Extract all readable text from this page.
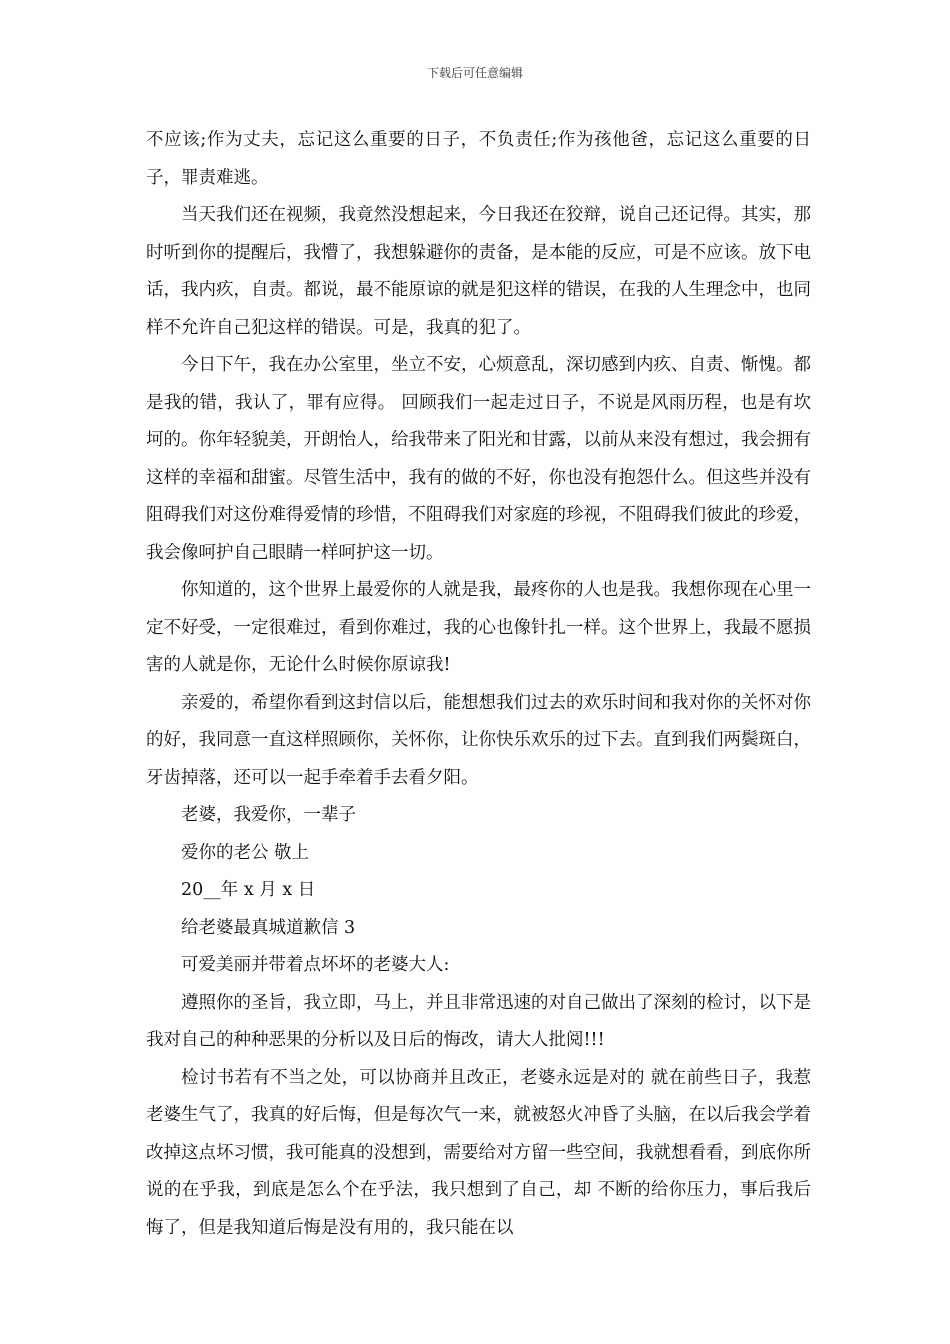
下载后可任意编辑

不应该;作为丈夫，忘记这么重要的日子，不负责任;作为孩他爸，忘记这么重要的日子，罪责难逃。

当天我们还在视频，我竟然没想起来，今日我还在狡辩，说自己还记得。其实，那时听到你的提醒后，我懵了，我想躲避你的责备，是本能的反应，可是不应该。放下电话，我内疚，自责。都说，最不能原谅的就是犯这样的错误，在我的人生理念中，也同样不允许自己犯这样的错误。可是，我真的犯了。

今日下午，我在办公室里，坐立不安，心烦意乱，深切感到内疚、自责、惭愧。都是我的错，我认了，罪有应得。 回顾我们一起走过日子，不说是风雨历程，也是有坎坷的。你年轻貌美，开朗怡人，给我带来了阳光和甘露，以前从来没有想过，我会拥有这样的幸福和甜蜜。尽管生活中，我有的做的不好，你也没有抱怨什么。但这些并没有阻碍我们对这份难得爱情的珍惜，不阻碍我们对家庭的珍视，不阻碍我们彼此的珍爱，我会像呵护自己眼睛一样呵护这一切。

你知道的，这个世界上最爱你的人就是我，最疼你的人也是我。我想你现在心里一定不好受，一定很难过，看到你难过，我的心也像针扎一样。这个世界上，我最不愿损害的人就是你，无论什么时候你原谅我!

亲爱的，希望你看到这封信以后，能想想我们过去的欢乐时间和我对你的关怀对你的好，我同意一直这样照顾你，关怀你，让你快乐欢乐的过下去。直到我们两鬓斑白，牙齿掉落，还可以一起手牵着手去看夕阳。

老婆，我爱你，一辈子

爱你的老公 敬上

20__年 x 月 x 日

给老婆最真城道歉信 3

可爱美丽并带着点坏坏的老婆大人:

遵照你的圣旨，我立即，马上，并且非常迅速的对自己做出了深刻的检讨，以下是我对自己的种种恶果的分析以及日后的悔改，请大人批阅!!!

检讨书若有不当之处，可以协商并且改正，老婆永远是对的 就在前些日子，我惹老婆生气了，我真的好后悔，但是每次气一来，就被怒火冲昏了头脑，在以后我会学着改掉这点坏习惯，我可能真的没想到，需要给对方留一些空间，我就想看看，到底你所说的在乎我，到底是怎么个在乎法，我只想到了自己，却 不断的给你压力，事后我后悔了，但是我知道后悔是没有用的，我只能在以
